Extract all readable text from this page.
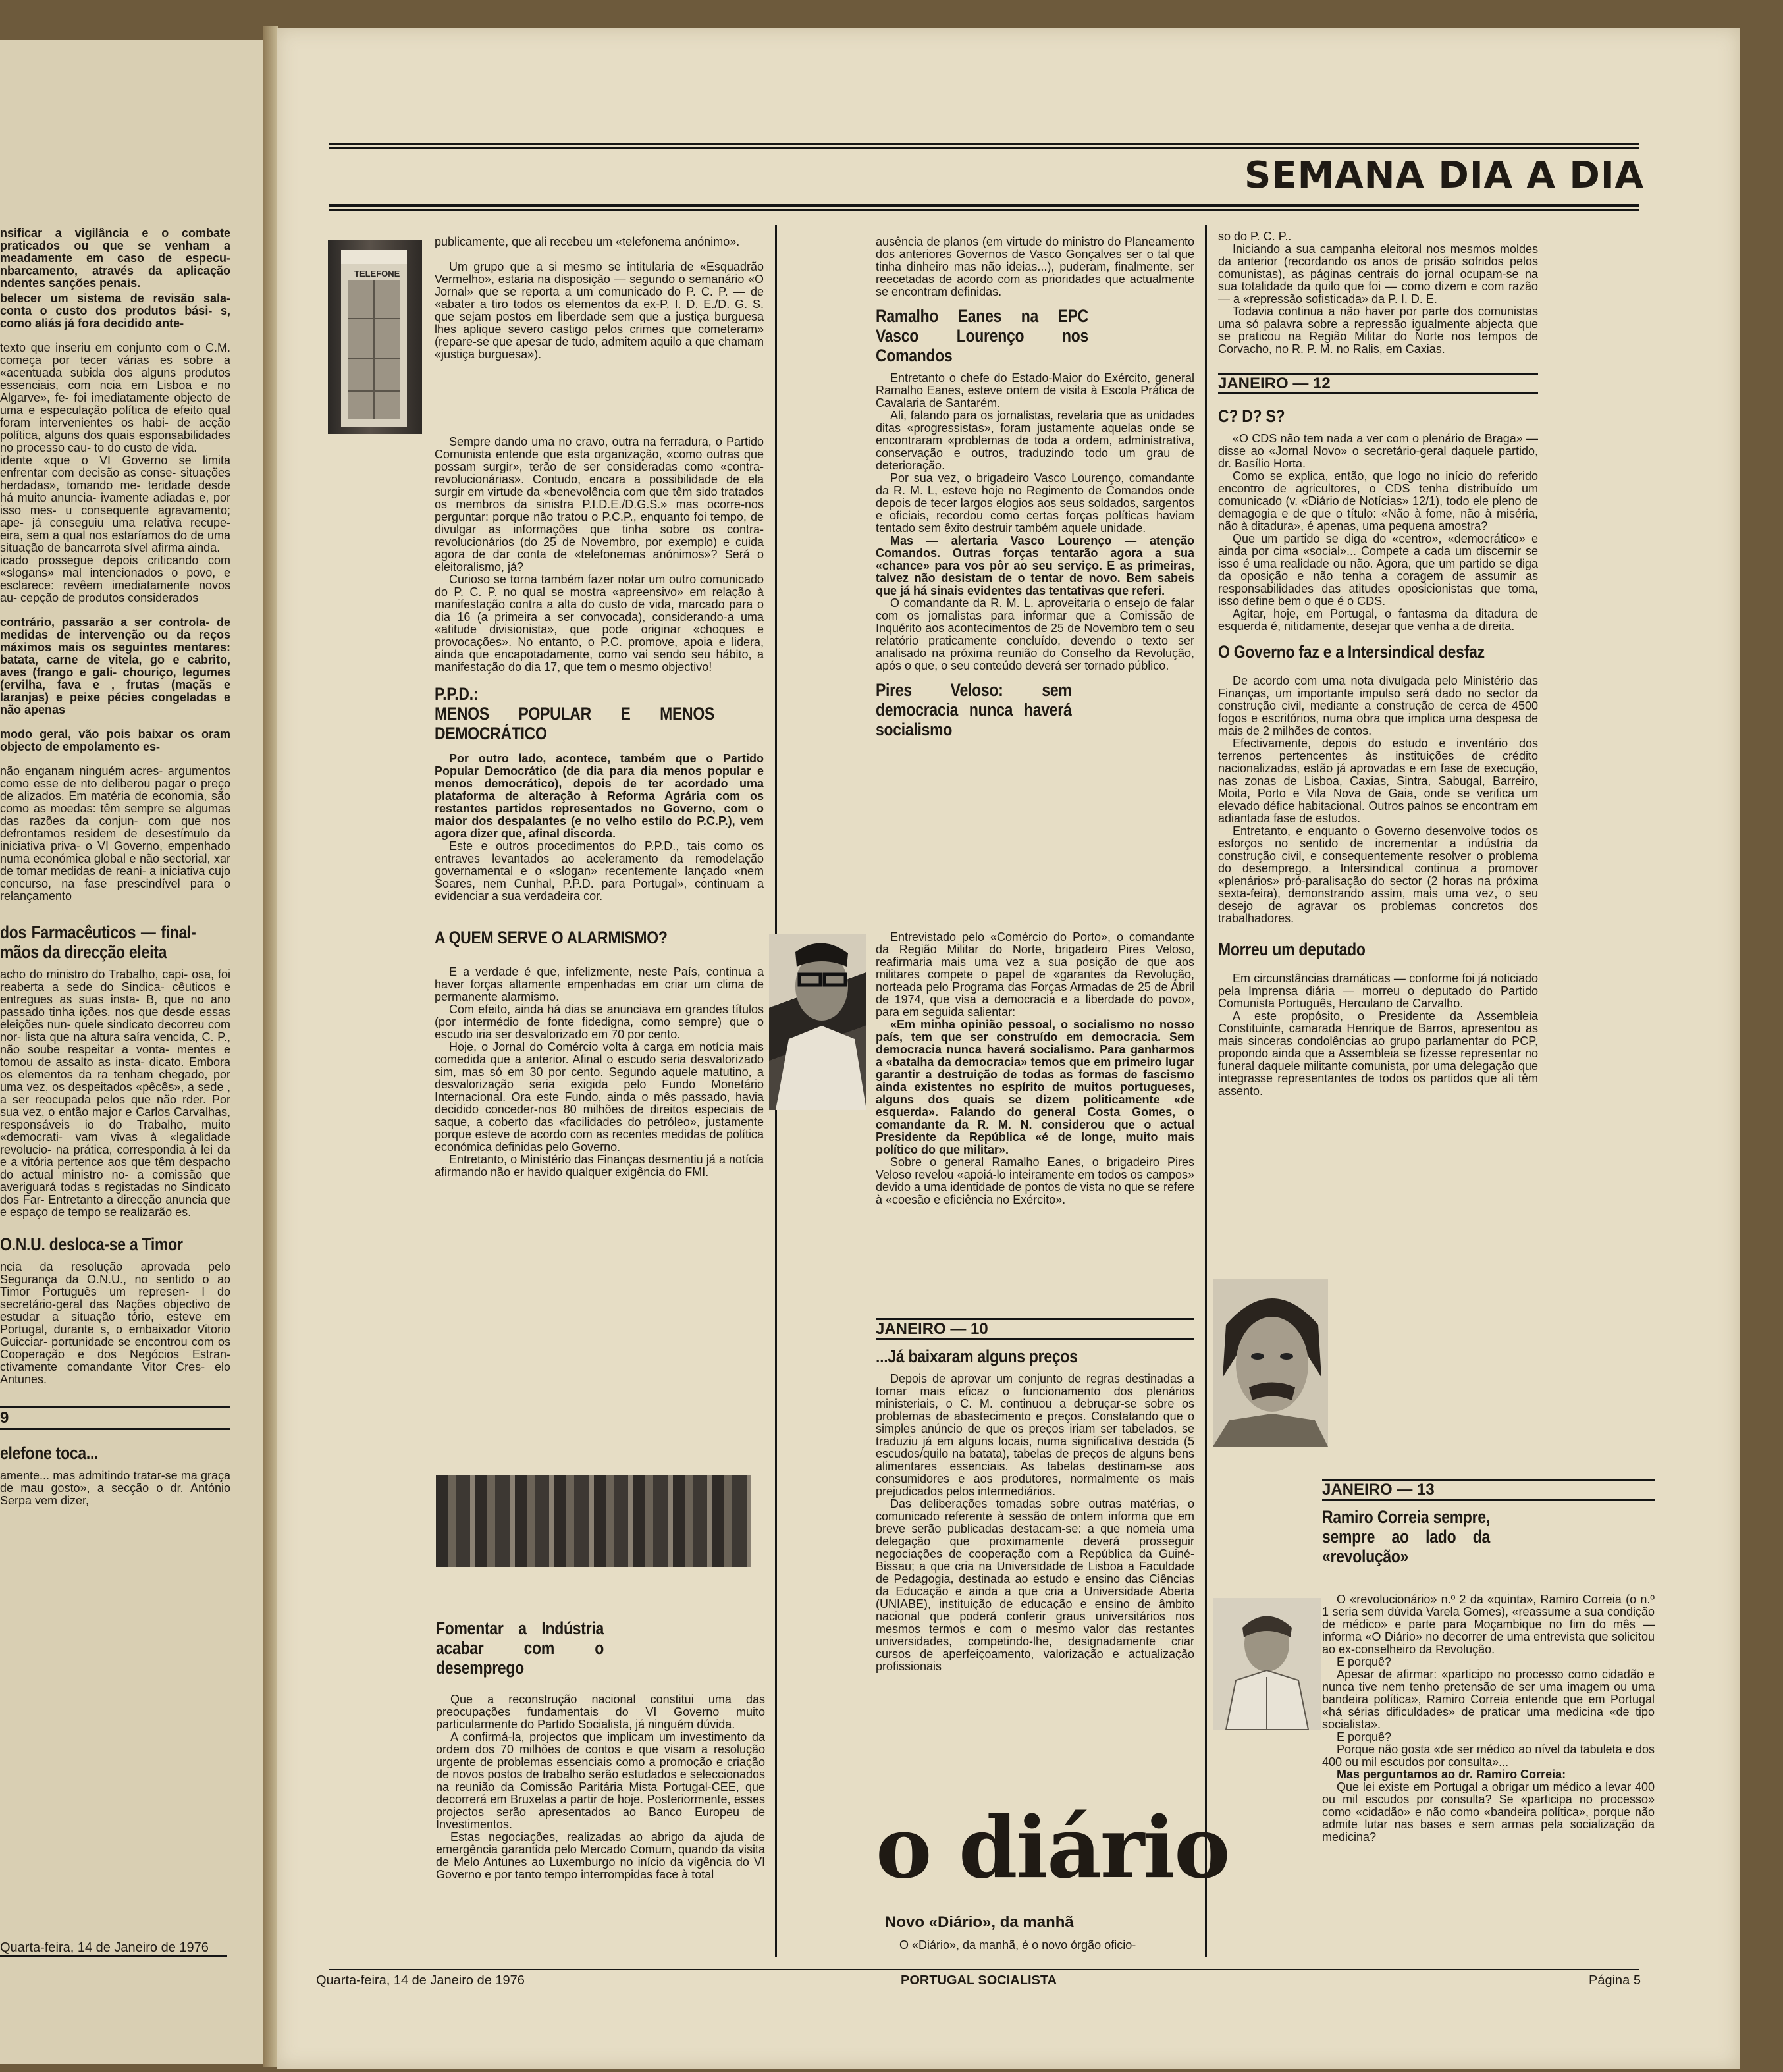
nsificar a vigilância e o combate praticados ou que se venham a meadamente em caso de especu- nbarcamento, através da aplicação ndentes sanções penais.

belecer um sistema de revisão sala- conta o custo dos produtos bási- s, como aliás já fora decidido ante-

texto que inseriu em conjunto com o C.M. começa por tecer várias es sobre a «acentuada subida dos alguns produtos essenciais, com ncia em Lisboa e no Algarve», fe- foi imediatamente objecto de uma e especulação política de efeito qual foram intervenientes os habi- de acção política, alguns dos quais esponsabilidades no processo cau- to do custo de vida.

idente «que o VI Governo se limita enfrentar com decisão as conse- situações herdadas», tomando me- teridade desde há muito anuncia- ivamente adiadas e, por isso mes- u consequente agravamento; ape- já conseguiu uma relativa recupe- eira, sem a qual nos estaríamos do de uma situação de bancarrota sível afirma ainda.

icado prossegue depois criticando com «slogans» mal intencionados o povo, e esclarece: revêem imediatamente novos au- cepção de produtos considerados

contrário, passarão a ser controla- de medidas de intervenção ou da reços máximos mais os seguintes mentares: batata, carne de vitela, go e cabrito, aves (frango e gali- chouriço, legumes (ervilha, fava e , frutas (maçãs e laranjas) e peixe pécies congeladas e não apenas

modo geral, vão pois baixar os oram objecto de empolamento es-

não enganam ninguém acres- argumentos como esse de nto deliberou pagar o preço de alizados. Em matéria de economia, são como as moedas: têm sempre se algumas das razões da conjun- com que nos defrontamos residem de desestímulo da iniciativa priva- o VI Governo, empenhado numa económica global e não sectorial, xar de tomar medidas de reani- a iniciativa cujo concurso, na fase prescindível para o relançamento

dos Farmacêuticos — final- mãos da direcção eleita

acho do ministro do Trabalho, capi- osa, foi reaberta a sede do Sindica- cêuticos e entregues as suas insta- B, que no ano passado tinha ições. nos que desde essas eleições nun- quele sindicato decorreu com nor- lista que na altura saíra vencida, C. P., não soube respeitar a vonta- mentes e tomou de assalto as insta- dicato. Embora os elementos da ra tenham chegado, por uma vez, os despeitados «pêcês», a sede , a ser reocupada pelos que não rder. Por sua vez, o então major e Carlos Carvalhas, responsáveis io do Trabalho, muito «democrati- vam vivas à «legalidade revolucio- na prática, correspondia à lei da e a vitória pertence aos que têm despacho do actual ministro no- a comissão que averiguará todas s registadas no Sindicato dos Far- Entretanto a direcção anuncia que e espaço de tempo se realizarão es.

O.N.U. desloca-se a Timor

ncia da resolução aprovada pelo Segurança da O.N.U., no sentido o ao Timor Português um represen- l do secretário-geral das Nações objectivo de estudar a situação tório, esteve em Portugal, durante s, o embaixador Vitorio Guicciar- portunidade se encontrou com os Cooperação e dos Negócios Estran- ctivamente comandante Vitor Cres- elo Antunes.

9
elefone toca...

amente... mas admitindo tratar-se ma graça de mau gosto», a secção o dr. António Serpa vem dizer,

Quarta-feira, 14 de Janeiro de 1976
SEMANA DIA A DIA
TELEFONE

publicamente, que ali recebeu um «telefonema anónimo».

Um grupo que a si mesmo se intitularia de «Esquadrão Vermelho», estaria na disposição — segundo o semanário «O Jornal» que se reporta a um comunicado do P. C. P. — de «abater a tiro todos os elementos da ex-P. I. D. E./D. G. S. que sejam postos em liberdade sem que a justiça burguesa lhes aplique severo castigo pelos crimes que cometeram» (repare-se que apesar de tudo, admitem aquilo a que chamam «justiça burguesa»).

Sempre dando uma no cravo, outra na ferradura, o Partido Comunista entende que esta organização, «como outras que possam surgir», terão de ser consideradas como «contra-revolucionárias». Contudo, encara a possibilidade de ela surgir em virtude da «benevolência com que têm sido tratados os membros da sinistra P.I.D.E./D.G.S.» mas ocorre-nos perguntar: porque não tratou o P.C.P., enquanto foi tempo, de divulgar as informações que tinha sobre os contra-revolucionários (do 25 de Novembro, por exemplo) e cuida agora de dar conta de «telefonemas anónimos»? Será o eleitoralismo, já?

Curioso se torna também fazer notar um outro comunicado do P. C. P. no qual se mostra «apreensivo» em relação à manifestação contra a alta do custo de vida, marcado para o dia 16 (a primeira a ser convocada), considerando-a uma «atitude divisionista», que pode originar «choques e provocações». No entanto, o P.C. promove, apoia e lidera, ainda que encapotadamente, como vai sendo seu hábito, a manifestação do dia 17, que tem o mesmo objectivo!

P.P.D.:
MENOS POPULAR E MENOS DEMOCRÁTICO

Por outro lado, acontece, também que o Partido Popular Democrático (de dia para dia menos popular e menos democrático), depois de ter acordado uma plataforma de alteração à Reforma Agrária com os restantes partidos representados no Governo, com o maior dos despalantes (e no velho estilo do P.C.P.), vem agora dizer que, afinal discorda.

Este e outros procedimentos do P.P.D., tais como os entraves levantados ao aceleramento da remodelação governamental e o «slogan» recentemente lançado «nem Soares, nem Cunhal, P.P.D. para Portugal», continuam a evidenciar a sua verdadeira cor.

A QUEM SERVE O ALARMISMO?

E a verdade é que, infelizmente, neste País, continua a haver forças altamente empenhadas em criar um clima de permanente alarmismo.

Com efeito, ainda há dias se anunciava em grandes títulos (por intermédio de fonte fidedigna, como sempre) que o escudo iria ser desvalorizado em 70 por cento.

Hoje, o Jornal do Comércio volta à carga em notícia mais comedida que a anterior. Afinal o escudo seria desvalorizado sim, mas só em 30 por cento. Segundo aquele matutino, a desvalorização seria exigida pelo Fundo Monetário Internacional. Ora este Fundo, ainda o mês passado, havia decidido conceder-nos 80 milhões de direitos especiais de saque, a coberto das «facilidades do petróleo», justamente porque esteve de acordo com as recentes medidas de política económica definidas pelo Governo.

Entretanto, o Ministério das Finanças desmentiu já a notícia afirmando não er havido qualquer exigência do FMI.

Fomentar a Indústria acabar com o desemprego

Que a reconstrução nacional constitui uma das preocupações fundamentais do VI Governo muito particularmente do Partido Socialista, já ninguém dúvida.

A confirmá-la, projectos que implicam um investimento da ordem dos 70 milhões de contos e que visam a resolução urgente de problemas essenciais como a promoção e criação de novos postos de trabalho serão estudados e seleccionados na reunião da Comissão Paritária Mista Portugal-CEE, que decorrerá em Bruxelas a partir de hoje. Posteriormente, esses projectos serão apresentados ao Banco Europeu de Investimentos.

Estas negociações, realizadas ao abrigo da ajuda de emergência garantida pelo Mercado Comum, quando da visita de Melo Antunes ao Luxemburgo no início da vigência do VI Governo e por tanto tempo interrompidas face à total

ausência de planos (em virtude do ministro do Planeamento dos anteriores Governos de Vasco Gonçalves ser o tal que tinha dinheiro mas não ideias...), puderam, finalmente, ser reecetadas de acordo com as prioridades que actualmente se encontram definidas.

Ramalho Eanes na EPC Vasco Lourenço nos Comandos

Entretanto o chefe do Estado-Maior do Exército, general Ramalho Eanes, esteve ontem de visita à Escola Prática de Cavalaria de Santarém.

Ali, falando para os jornalistas, revelaria que as unidades ditas «progressistas», foram justamente aquelas onde se encontraram «problemas de toda a ordem, administrativa, conservação e outros, traduzindo todo um grau de deterioração.

Por sua vez, o brigadeiro Vasco Lourenço, comandante da R. M. L, esteve hoje no Regimento de Comandos onde depois de tecer largos elogios aos seus soldados, sargentos e oficiais, recordou como certas forças políticas haviam tentado sem êxito destruir também aquele unidade.

Mas — alertaria Vasco Lourenço — atenção Comandos. Outras forças tentarão agora a sua «chance» para vos pôr ao seu serviço. E as primeiras, talvez não desistam de o tentar de novo. Bem sabeis que já há sinais evidentes das tentativas que referi.

O comandante da R. M. L. aproveitaria o ensejo de falar com os jornalistas para informar que a Comissão de Inquérito aos acontecimentos de 25 de Novembro tem o seu relatório praticamente concluído, devendo o texto ser analisado na próxima reunião do Conselho da Revolução, após o que, o seu conteúdo deverá ser tornado público.

Pires Veloso: sem democracia nunca haverá socialismo

Entrevistado pelo «Comércio do Porto», o comandante da Região Militar do Norte, brigadeiro Pires Veloso, reafirmaria mais uma vez a sua posição de que aos militares compete o papel de «garantes da Revolução, norteada pelo Programa das Forças Armadas de 25 de Abril de 1974, que visa a democracia e a liberdade do povo», para em seguida salientar:

«Em minha opinião pessoal, o socialismo no nosso país, tem que ser construído em democracia. Sem democracia nunca haverá socialismo. Para ganharmos a «batalha da democracia» temos que em primeiro lugar garantir a destruição de todas as formas de fascismo ainda existentes no espírito de muitos portugueses, alguns dos quais se dizem politicamente «de esquerda». Falando do general Costa Gomes, o comandante da R. M. N. considerou que o actual Presidente da República «é de longe, muito mais político do que militar».

Sobre o general Ramalho Eanes, o brigadeiro Pires Veloso revelou «apoiá-lo inteiramente em todos os campos» devido a uma identidade de pontos de vista no que se refere à «coesão e eficiência no Exército».

JANEIRO — 10
...Já baixaram alguns preços

Depois de aprovar um conjunto de regras destinadas a tornar mais eficaz o funcionamento dos plenários ministeriais, o C. M. continuou a debruçar-se sobre os problemas de abastecimento e preços. Constatando que o simples anúncio de que os preços iriam ser tabelados, se traduziu já em alguns locais, numa significativa descida (5 escudos/quilo na batata), tabelas de preços de alguns bens alimentares essenciais. As tabelas destinam-se aos consumidores e aos produtores, normalmente os mais prejudicados pelos intermediários.

Das deliberações tomadas sobre outras matérias, o comunicado referente à sessão de ontem informa que em breve serão publicadas destacam-se: a que nomeia uma delegação que proximamente deverá prosseguir negociações de cooperação com a República da Guiné-Bissau; a que cria na Universidade de Lisboa a Faculdade de Pedagogia, destinada ao estudo e ensino das Ciências da Educação e ainda a que cria a Universidade Aberta (UNIABE), instituição de educação e ensino de âmbito nacional que poderá conferir graus universitários nos mesmos termos e com o mesmo valor das restantes universidades, competindo-lhe, designadamente criar cursos de aperfeiçoamento, valorização e actualização profissionais

o diário
Novo «Diário», da manhã

O «Diário», da manhã, é o novo órgão oficio-

so do P. C. P..

Iniciando a sua campanha eleitoral nos mesmos moldes da anterior (recordando os anos de prisão sofridos pelos comunistas), as páginas centrais do jornal ocupam-se na sua totalidade da quilo que foi — como dizem e com razão — a «repressão sofisticada» da P. I. D. E.

Todavia continua a não haver por parte dos comunistas uma só palavra sobre a repressão igualmente abjecta que se praticou na Região Militar do Norte nos tempos de Corvacho, no R. P. M. no Ralis, em Caxias.

JANEIRO — 12
C? D? S?

«O CDS não tem nada a ver com o plenário de Braga» — disse ao «Jornal Novo» o secretário-geral daquele partido, dr. Basílio Horta.

Como se explica, então, que logo no início do referido encontro de agricultores, o CDS tenha distribuído um comunicado (v. «Diário de Notícias» 12/1), todo ele pleno de demagogia e de que o título: «Não à fome, não à miséria, não à ditadura», é apenas, uma pequena amostra?

Que um partido se diga do «centro», «democrático» e ainda por cima «social»... Compete a cada um discernir se isso é uma realidade ou não. Agora, que um partido se diga da oposição e não tenha a coragem de assumir as responsabilidades das atitudes oposicionistas que toma, isso define bem o que é o CDS.

Agitar, hoje, em Portugal, o fantasma da ditadura de esquerda é, nitidamente, desejar que venha a de direita.

O Governo faz e a Intersindical desfaz

De acordo com uma nota divulgada pelo Ministério das Finanças, um importante impulso será dado no sector da construção civil, mediante a construção de cerca de 4500 fogos e escritórios, numa obra que implica uma despesa de mais de 2 milhões de contos.

Efectivamente, depois do estudo e inventário dos terrenos pertencentes às instituições de crédito nacionalizadas, estão já aprovadas e em fase de execução, nas zonas de Lisboa, Caxias, Sintra, Sabugal, Barreiro, Moita, Porto e Vila Nova de Gaia, onde se verifica um elevado défice habitacional. Outros palnos se encontram em adiantada fase de estudos.

Entretanto, e enquanto o Governo desenvolve todos os esforços no sentido de incrementar a indústria da construção civil, e consequentemente resolver o problema do desemprego, a Intersindical continua a promover «plenários» pró-paralisação do sector (2 horas na próxima sexta-feira), demonstrando assim, mais uma vez, o seu desejo de agravar os problemas concretos dos trabalhadores.

Morreu um deputado

Em circunstâncias dramáticas — conforme foi já noticiado pela Imprensa diária — morreu o deputado do Partido Comunista Português, Herculano de Carvalho.

A este propósito, o Presidente da Assembleia Constituinte, camarada Henrique de Barros, apresentou as mais sinceras condolências ao grupo parlamentar do PCP, propondo ainda que a Assembleia se fizesse representar no funeral daquele militante comunista, por uma delegação que integrasse representantes de todos os partidos que ali têm assento.

JANEIRO — 13
Ramiro Correia sempre, sempre ao lado da «revolução»

O «revolucionário» n.º 2 da «quinta», Ramiro Correia (o n.º 1 seria sem dúvida Varela Gomes), «reassume a sua condição de médico» e parte para Moçambique no fim do mês — informa «O Diário» no decorrer de uma entrevista que solicitou ao ex-conselheiro da Revolução.

E porquê?

Apesar de afirmar: «participo no processo como cidadão e nunca tive nem tenho pretensão de ser uma imagem ou uma bandeira política», Ramiro Correia entende que em Portugal «há sérias dificuldades» de praticar uma medicina «de tipo socialista».

E porquê?

Porque não gosta «de ser médico ao nível da tabuleta e dos 400 ou mil escudos por consulta»...

Mas perguntamos ao dr. Ramiro Correia:

Que lei existe em Portugal a obrigar um médico a levar 400 ou mil escudos por consulta? Se «participa no processo» como «cidadão» e não como «bandeira política», porque não admite lutar nas bases e sem armas pela socialização da medicina?

Quarta-feira, 14 de Janeiro de 1976	PORTUGAL SOCIALISTA	Página 5
